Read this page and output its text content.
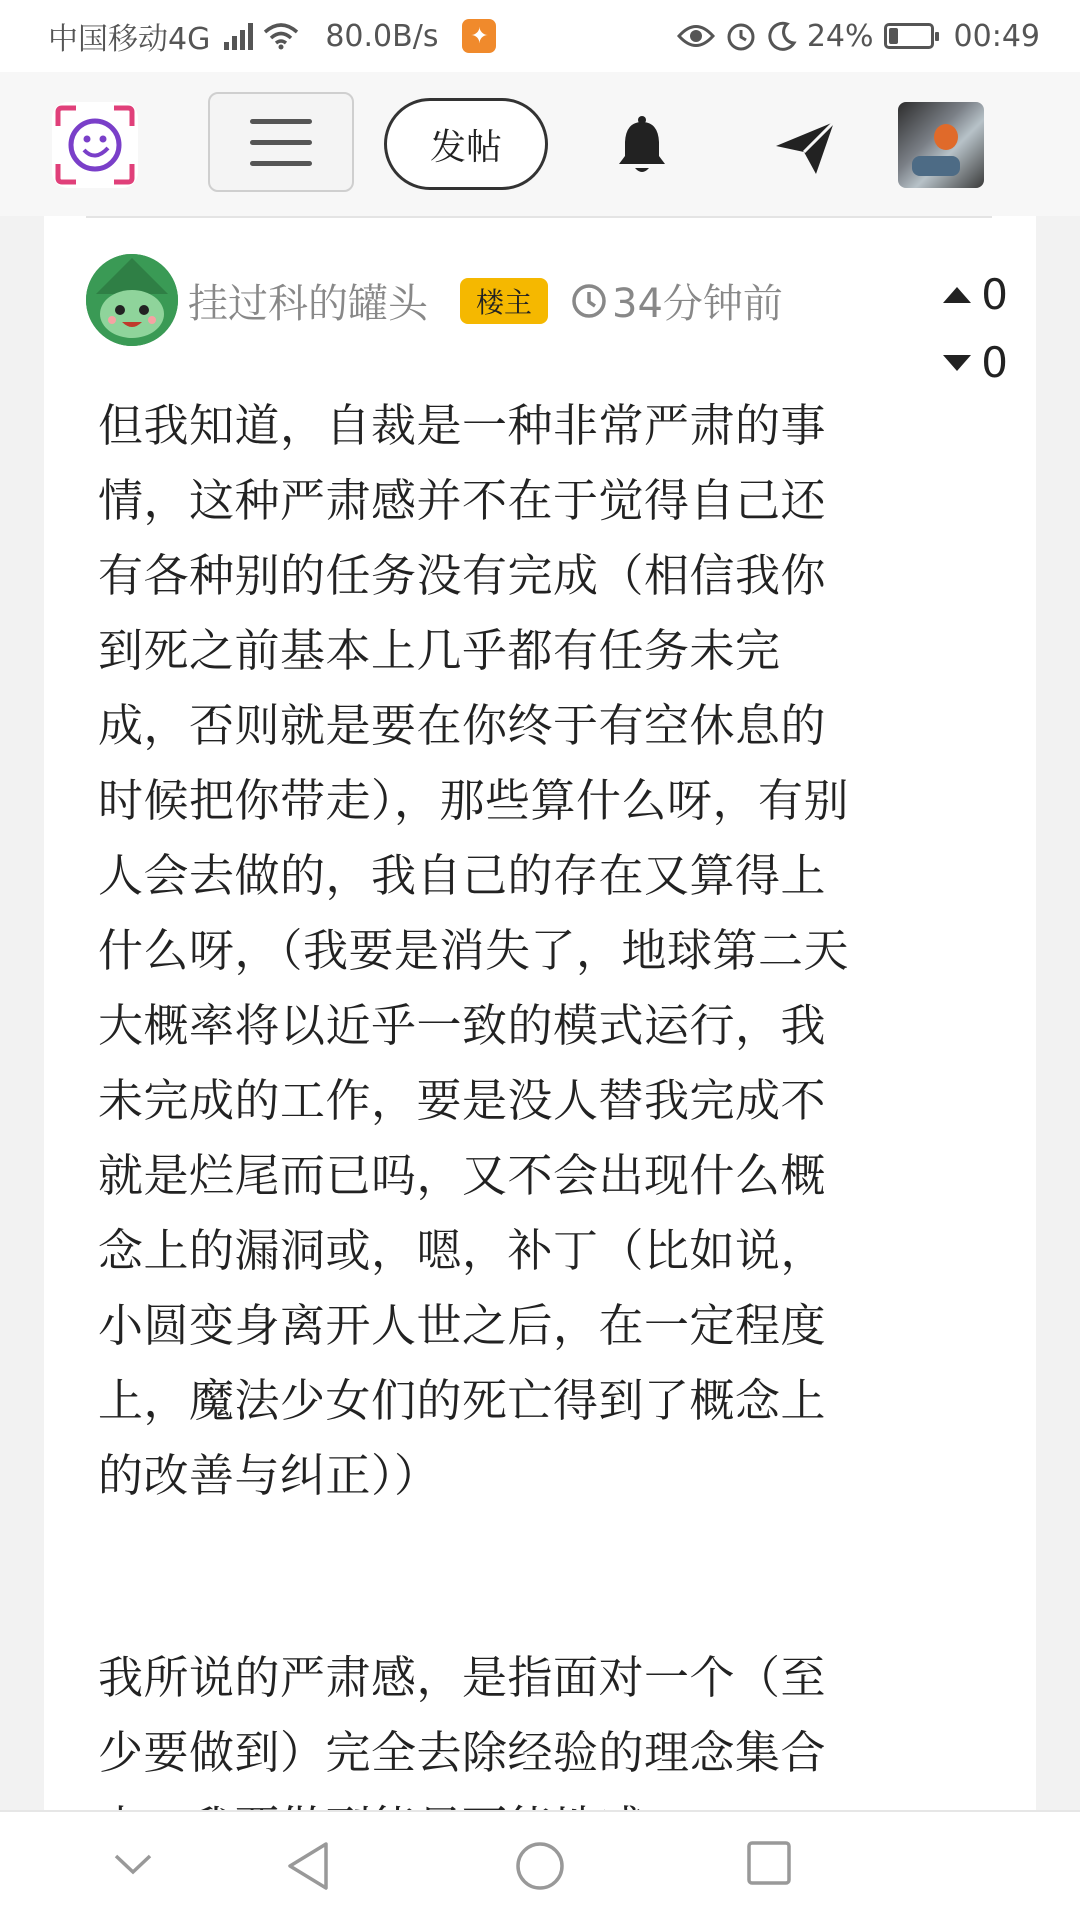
中国移动4G	80.0B/s	✦	24%	00:49
发帖
挂过科的罐头	楼主	34分钟前	0
0

但我知道，自裁是一种非常严肃的事情，这种严肃感并不在于觉得自己还有各种别的任务没有完成（相信我你到死之前基本上几乎都有任务未完成，否则就是要在你终于有空休息的时候把你带走），那些算什么呀，有别人会去做的，我自己的存在又算得上什么呀，（我要是消失了，地球第二天大概率将以近乎一致的模式运行，我未完成的工作，要是没人替我完成不就是烂尾而已吗，又不会出现什么概念上的漏洞或，嗯，补丁（比如说，小圆变身离开人世之后，在一定程度上，魔法少女们的死亡得到了概念上的改善与纠正））

我所说的严肃感，是指面对一个（至少要做到）完全去除经验的理念集合
